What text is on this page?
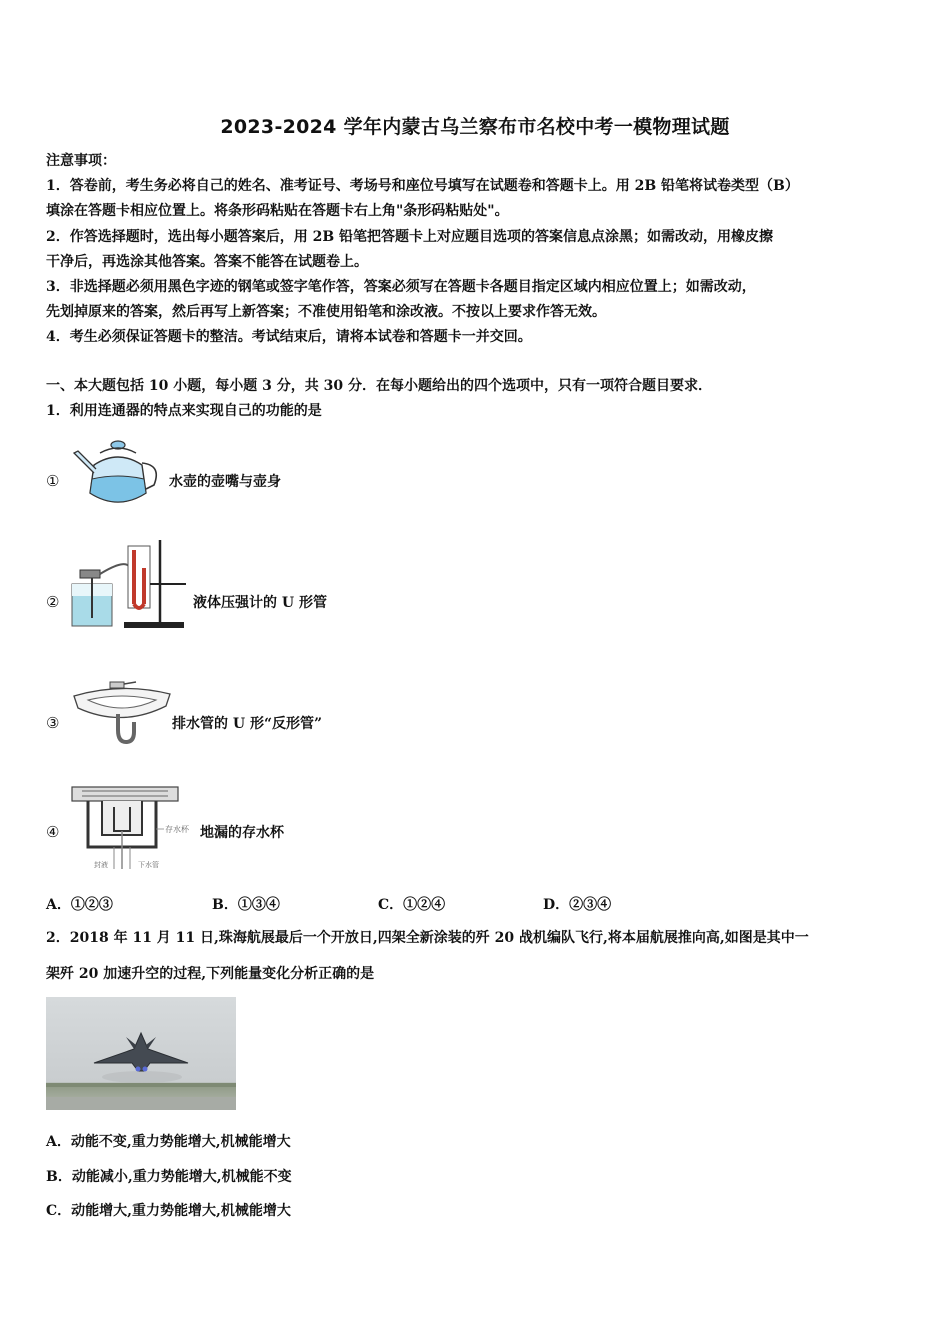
2023-2024 学年内蒙古乌兰察布市名校中考一模物理试题
注意事项：
1．答卷前，考生务必将自己的姓名、准考证号、考场号和座位号填写在试题卷和答题卡上。用 2B 铅笔将试卷类型（B）
填涂在答题卡相应位置上。将条形码粘贴在答题卡右上角"条形码粘贴处"。
2．作答选择题时，选出每小题答案后，用 2B 铅笔把答题卡上对应题目选项的答案信息点涂黑；如需改动，用橡皮擦
干净后，再选涂其他答案。答案不能答在试题卷上。
3．非选择题必须用黑色字迹的钢笔或签字笔作答，答案必须写在答题卡各题目指定区域内相应位置上；如需改动，
先划掉原来的答案，然后再写上新答案；不准使用铅笔和涂改液。不按以上要求作答无效。
4．考生必须保证答题卡的整洁。考试结束后，请将本试卷和答题卡一并交回。
一、本大题包括 10 小题，每小题 3 分，共 30 分．在每小题给出的四个选项中，只有一项符合题目要求．
1．利用连通器的特点来实现自己的功能的是
①	水壶的壶嘴与壶身
②	液体压强计的 U 形管
③	排水管的 U 形“反形管”
④	存水杯
封液	下水管
地漏的存水杯
A．①②③	B．①③④	C．①②④	D．②③④
2．2018 年 11 月 11 日,珠海航展最后一个开放日,四架全新涂装的歼 20 战机编队飞行,将本届航展推向高,如图是其中一
架歼 20 加速升空的过程,下列能量变化分析正确的是
A．动能不变,重力势能增大,机械能增大
B．动能减小,重力势能增大,机械能不变
C．动能增大,重力势能增大,机械能增大
